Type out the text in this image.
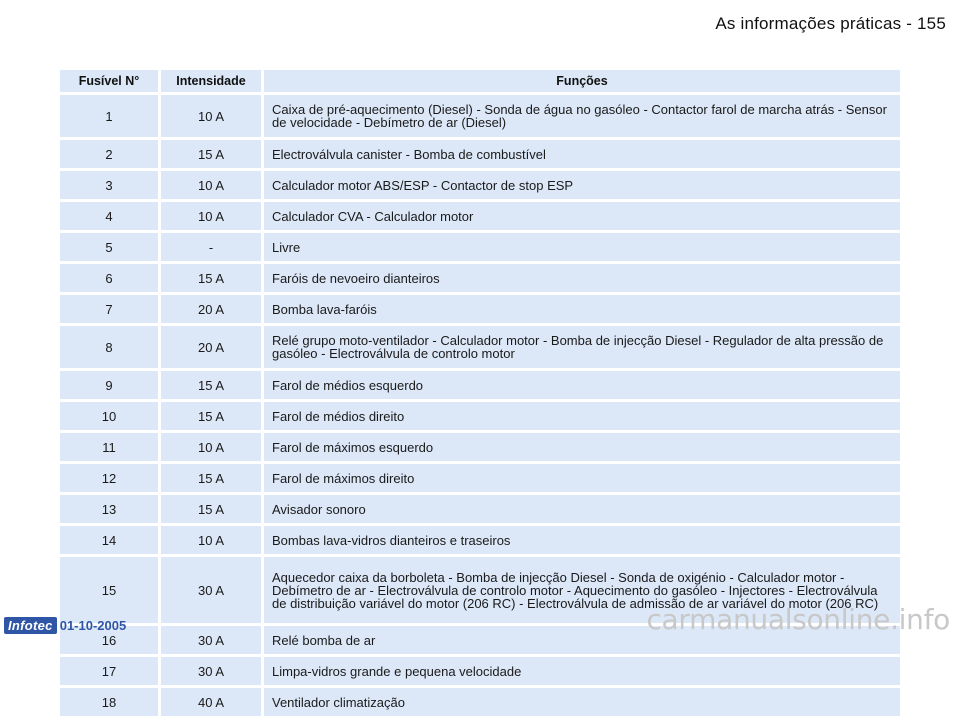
As informações práticas - 155
Fusível N°	Intensidade	Funções
1	10 A	Caixa de pré-aquecimento (Diesel) - Sonda de água no gasóleo - Contactor farol de marcha atrás - Sensor de velocidade - Debímetro de ar (Diesel)
2	15 A	Electroválvula canister - Bomba de combustível
3	10 A	Calculador motor ABS/ESP - Contactor de stop ESP
4	10 A	Calculador CVA - Calculador motor
5	-	Livre
6	15 A	Faróis de nevoeiro dianteiros
7	20 A	Bomba lava-faróis
8	20 A	Relé grupo moto-ventilador - Calculador motor - Bomba de injecção Diesel - Regulador de alta pressão de gasóleo - Electroválvula de controlo motor
9	15 A	Farol de médios esquerdo
10	15 A	Farol de médios direito
11	10 A	Farol de máximos esquerdo
12	15 A	Farol de máximos direito
13	15 A	Avisador sonoro
14	10 A	Bombas lava-vidros dianteiros e traseiros
15	30 A	Aquecedor caixa da borboleta - Bomba de injecção Diesel - Sonda de oxigénio - Calculador motor - Debímetro de ar - Electroválvula de controlo motor - Aquecimento do gasóleo - Injectores - Electroválvula de distribuição variável do motor (206 RC) - Electroválvula de admissão de ar variável do motor (206 RC)
16	30 A	Relé bomba de ar
17	30 A	Limpa-vidros grande e pequena velocidade
18	40 A	Ventilador climatização
Infotec 01-10-2005	carmanualsonline.info
